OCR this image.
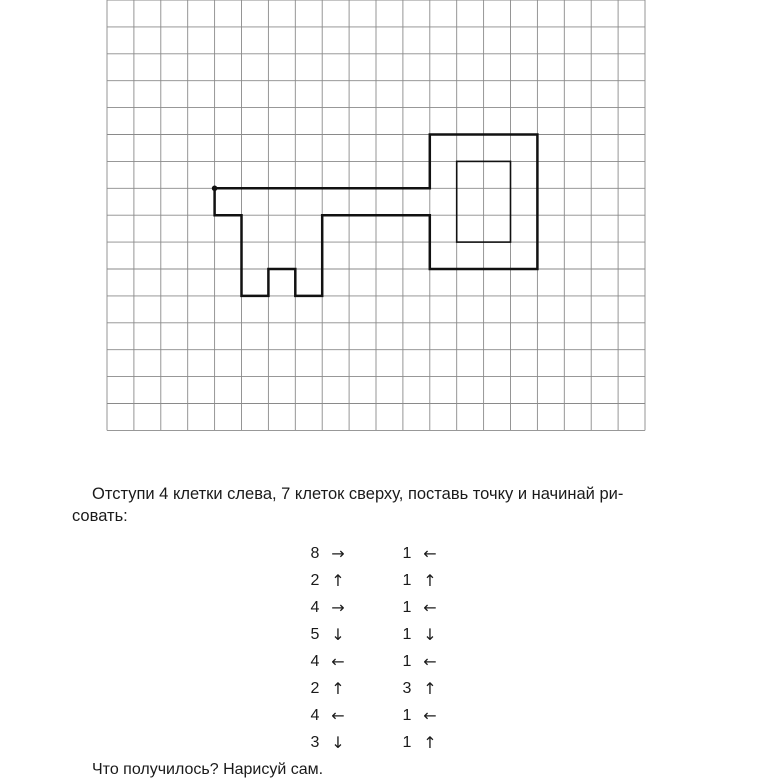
Отступи 4 клетки слева, 7 клеток сверху, поставь точку и начинай ри-
совать:

8 →	1 ←
2 ↑	1 ↑
4 →	1 ←
5 ↓	1 ↓
4 ←	1 ←
2 ↑	3 ↑
4 ←	1 ←
3 ↓	1 ↑

Что получилось? Нарисуй сам.
